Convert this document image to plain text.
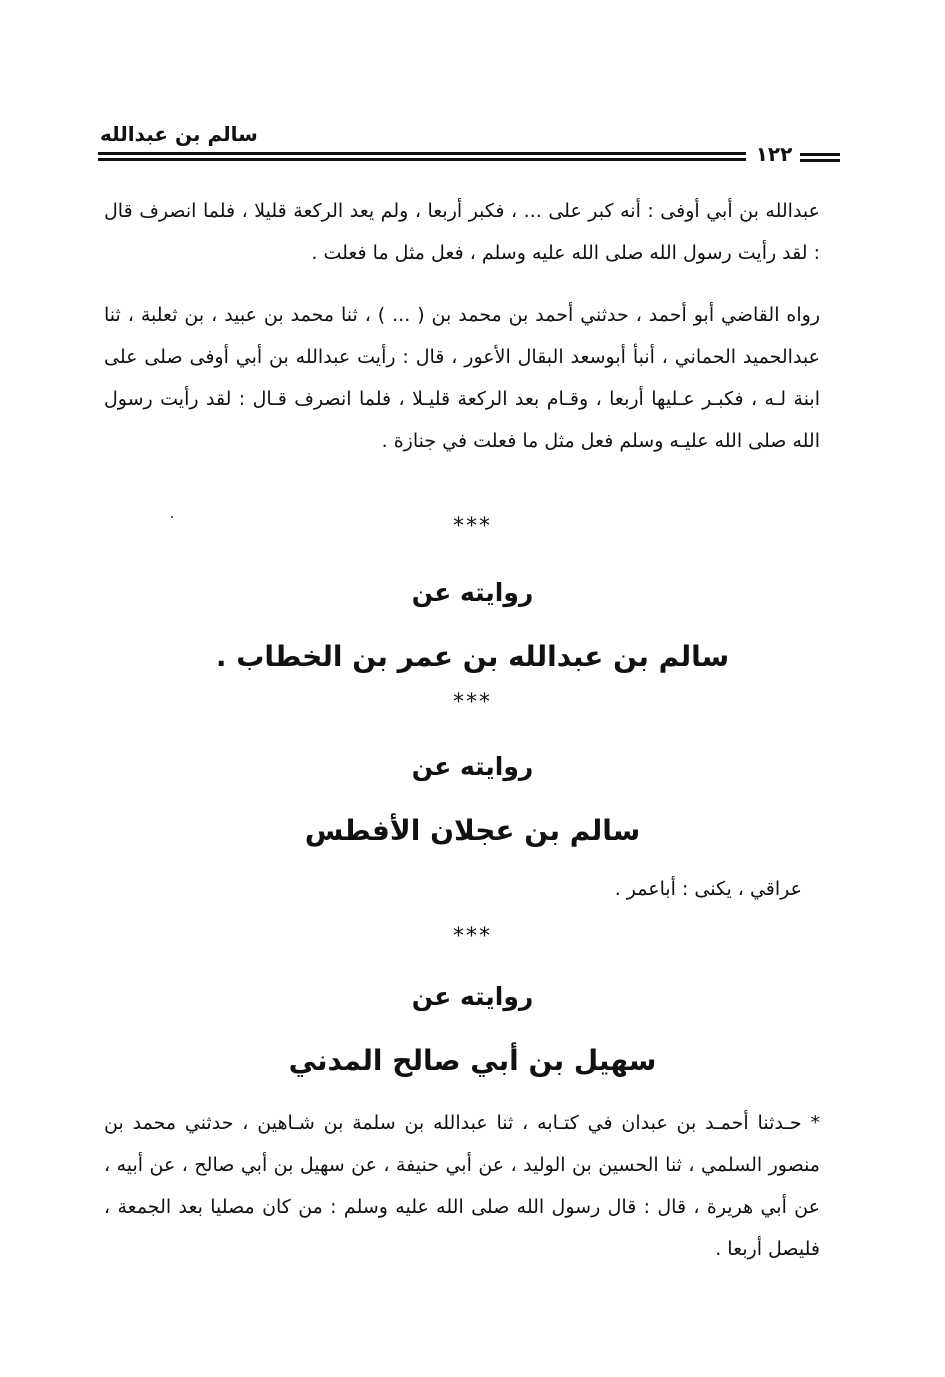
سالم بن عبدالله
١٢٢
عبدالله بن أبي أوفى : أنه كبر على ... ، فكبر أربعا ، ولم يعد الركعة قليلا ، فلما انصرف قال : لقد رأيت رسول الله صلى الله عليه وسلم ، فعل مثل ما فعلت .
رواه القاضي أبو أحمد ، حدثني أحمد بن محمد بن ( ... ) ، ثنا محمد بن عبيد ، بن ثعلبة ، ثنا عبدالحميد الحماني ، أنبأ أبوسعد البقال الأعور ، قال : رأيت عبدالله بن أبي أوفى صلى على ابنة لـه ، فكبـر عـليها أربعا ، وقـام بعد الركعة قليـلا ، فلما انصرف قـال : لقد رأيت رسول الله صلى الله عليـه وسلم فعل مثل ما فعلت في جنازة .
***
روايته عن
سالم بن عبدالله بن عمر بن الخطاب .
***
روايته عن
سالم بن عجلان الأفطس
عراقي ، يكنى : أباعمر .
***
روايته عن
سهيل بن أبي صالح المدني
* حـدثنا أحمـد بن عبدان في كتـابه ، ثنا عبدالله بن سلمة بن شـاهين ، حدثني محمد بن منصور السلمي ، ثنا الحسين بن الوليد ، عن أبي حنيفة ، عن سهيل بن أبي صالح ، عن أبيه ، عن أبي هريرة ، قال : قال رسول الله صلى الله عليه وسلم : من كان مصليا بعد الجمعة ، فليصل أربعا .
